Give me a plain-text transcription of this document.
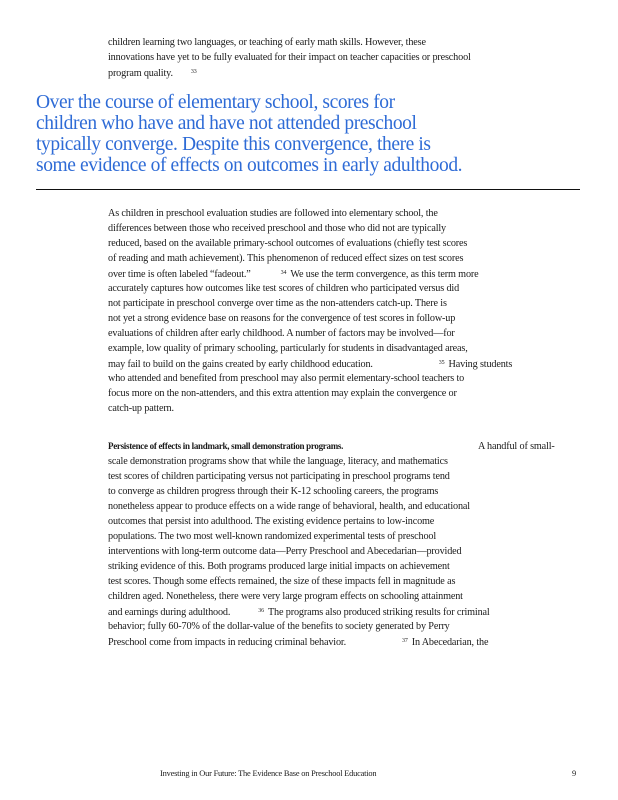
children learning two languages, or teaching of early math skills. However, these
innovations have yet to be fully evaluated for their impact on teacher capacities or preschool
program quality.	$^{33}$
Over the course of elementary school, scores for
children who have and have not attended preschool
typically converge. Despite this convergence, there is
some evidence of effects on outcomes in early adulthood.
As children in preschool evaluation studies are followed into elementary school, the
differences between those who received preschool and those who did not are typically
reduced, based on the available primary-school outcomes of evaluations (chiefly test scores
of reading and math achievement). This phenomenon of reduced effect sizes on test scores
over time is often labeled “fadeout.”	$^{34}$ We use the term convergence, as this term more
accurately captures how outcomes like test scores of children who participated versus did
not participate in preschool converge over time as the non-attenders catch-up. There is
not yet a strong evidence base on reasons for the convergence of test scores in follow-up
evaluations of children after early childhood. A number of factors may be involved—for
example, low quality of primary schooling, particularly for students in disadvantaged areas,
may fail to build on the gains created by early childhood education.	$^{35}$ Having students
who attended and benefited from preschool may also permit elementary-school teachers to
focus more on the non-attenders, and this extra attention may explain the convergence or
catch-up pattern.
Persistence of effects in landmark, small demonstration programs.	A handful of small-
scale demonstration programs show that while the language, literacy, and mathematics
test scores of children participating versus not participating in preschool programs tend
to converge as children progress through their K-12 schooling careers, the programs
nonetheless appear to produce effects on a wide range of behavioral, health, and educational
outcomes that persist into adulthood. The existing evidence pertains to low-income
populations. The two most well-known randomized experimental tests of preschool
interventions with long-term outcome data—Perry Preschool and Abecedarian—provided
striking evidence of this. Both programs produced large initial impacts on achievement
test scores. Though some effects remained, the size of these impacts fell in magnitude as
children aged. Nonetheless, there were very large program effects on schooling attainment
and earnings during adulthood.	$^{36}$ The programs also produced striking results for criminal
behavior; fully 60-70% of the dollar-value of the benefits to society generated by Perry
Preschool come from impacts in reducing criminal behavior.	$^{37}$ In Abecedarian, the
Investing in Our Future: The Evidence Base on Preschool Education	9
